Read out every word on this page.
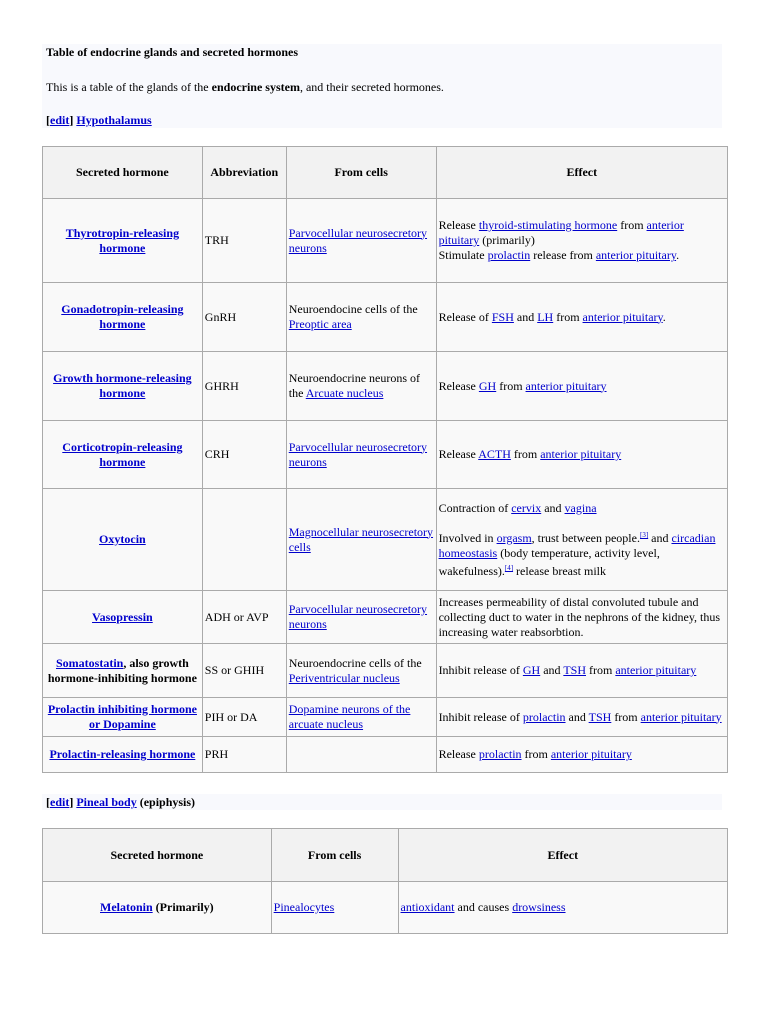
Table of endocrine glands and secreted hormones
This is a table of the glands of the endocrine system, and their secreted hormones.
[edit] Hypothalamus
Secreted hormone	Abbreviation	From cells	Effect
Thyrotropin-releasing hormone	TRH	Parvocellular neurosecretory neurons	Release thyroid-stimulating hormone from anterior pituitary (primarily)
Stimulate prolactin release from anterior pituitary.
Gonadotropin-releasing hormone	GnRH	Neuroendocine cells of the Preoptic area	Release of FSH and LH from anterior pituitary.
Growth hormone-releasing hormone	GHRH	Neuroendocrine neurons of the Arcuate nucleus	Release GH from anterior pituitary
Corticotropin-releasing hormone	CRH	Parvocellular neurosecretory neurons	Release ACTH from anterior pituitary
Oxytocin		Magnocellular neurosecretory cells	Contraction of cervix and vagina
Involved in orgasm, trust between people.[3] and circadian homeostasis (body temperature, activity level, wakefulness).[4] release breast milk
Vasopressin	ADH or AVP	Parvocellular neurosecretory neurons	Increases permeability of distal convoluted tubule and collecting duct to water in the nephrons of the kidney, thus increasing water reabsorbtion.
Somatostatin, also growth hormone-inhibiting hormone	SS or GHIH	Neuroendocrine cells of the Periventricular nucleus	Inhibit release of GH and TSH from anterior pituitary
Prolactin inhibiting hormone or Dopamine	PIH or DA	Dopamine neurons of the arcuate nucleus	Inhibit release of prolactin and TSH from anterior pituitary
Prolactin-releasing hormone	PRH		Release prolactin from anterior pituitary
[edit] Pineal body (epiphysis)
Secreted hormone	From cells	Effect
Melatonin (Primarily)	Pinealocytes	antioxidant and causes drowsiness
